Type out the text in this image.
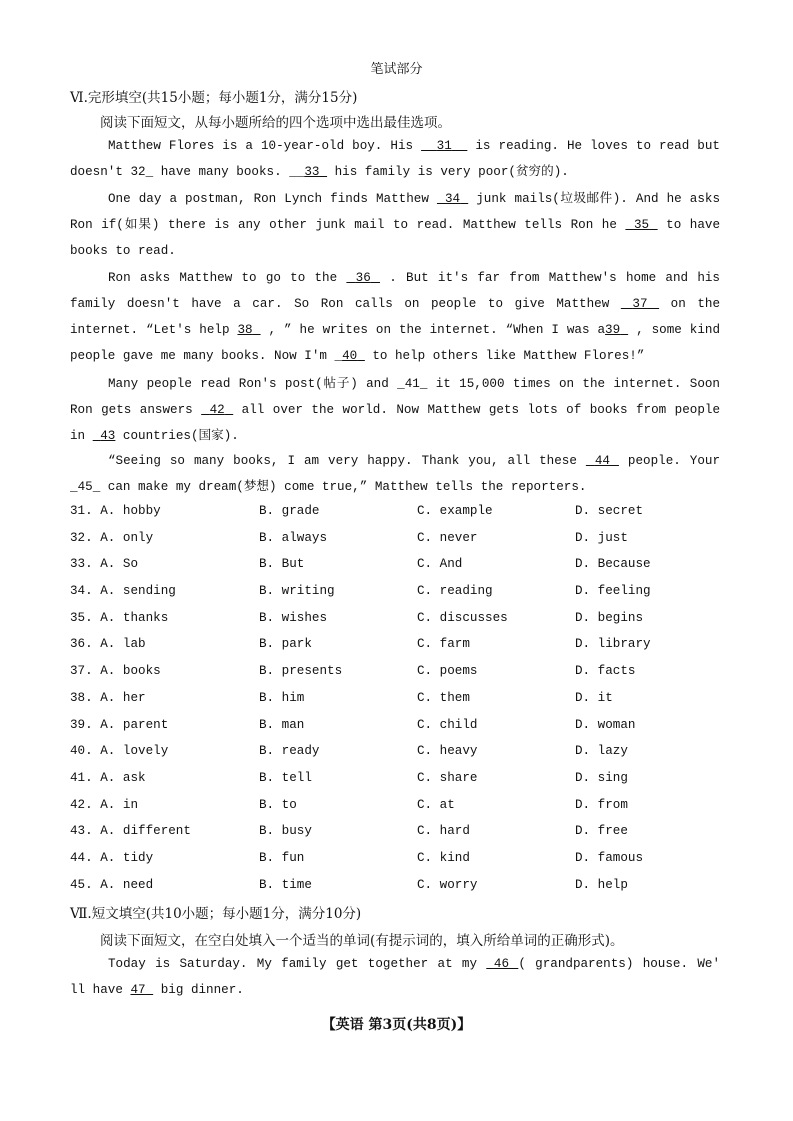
笔试部分
Ⅵ.完形填空(共15小题；每小题1分，满分15分)
阅读下面短文，从每小题所给的四个选项中选出最佳选项。
Matthew Flores is a 10-year-old boy. His  _31_  is reading. He loves to read but doesn't 32_ have many books. __33_ his family is very poor(贫穷的).
One day a postman, Ron Lynch finds Matthew  34  junk mails(垃圾邮件). And he asks Ron if(如果) there is any other junk mail to read. Matthew tells Ron he  35  to have books to read.
Ron asks Matthew to go to the  36  . But it's far from Matthew's home and his family doesn't have a car. So Ron calls on people to give Matthew  37  on the internet. “Let's help 38  , ” he writes on the internet. “When I was a39  , some kind people gave me many books. Now I'm _40_ to help others like Matthew Flores!”
Many people read Ron's post(帖子) and _41_ it 15,000 times on the internet. Soon Ron gets answers  42  all over the world. Now Matthew gets lots of books from people in  43 countries(国家).
“Seeing so many books, I am very happy. Thank you, all these  44  people. Your _45_ can make my dream(梦想) come true,” Matthew tells the reporters.
31. A. hobby	B. grade	C. example	D. secret
32. A. only	B. always	C. never	D. just
33. A. So	B. But	C. And	D. Because
34. A. sending	B. writing	C. reading	D. feeling
35. A. thanks	B. wishes	C. discusses	D. begins
36. A. lab	B. park	C. farm	D. library
37. A. books	B. presents	C. poems	D. facts
38. A. her	B. him	C. them	D. it
39. A. parent	B. man	C. child	D. woman
40. A. lovely	B. ready	C. heavy	D. lazy
41. A. ask	B. tell	C. share	D. sing
42. A. in	B. to	C. at	D. from
43. A. different	B. busy	C. hard	D. free
44. A. tidy	B. fun	C. kind	D. famous
45. A. need	B. time	C. worry	D. help
Ⅶ.短文填空(共10小题；每小题1分，满分10分)
阅读下面短文，在空白处填入一个适当的单词(有提示词的，填入所给单词的正确形式)。
Today is Saturday. My family get together at my _46 ( grandparents) house. We' ll have 47  big dinner.
【英语 第3页(共8页)】
